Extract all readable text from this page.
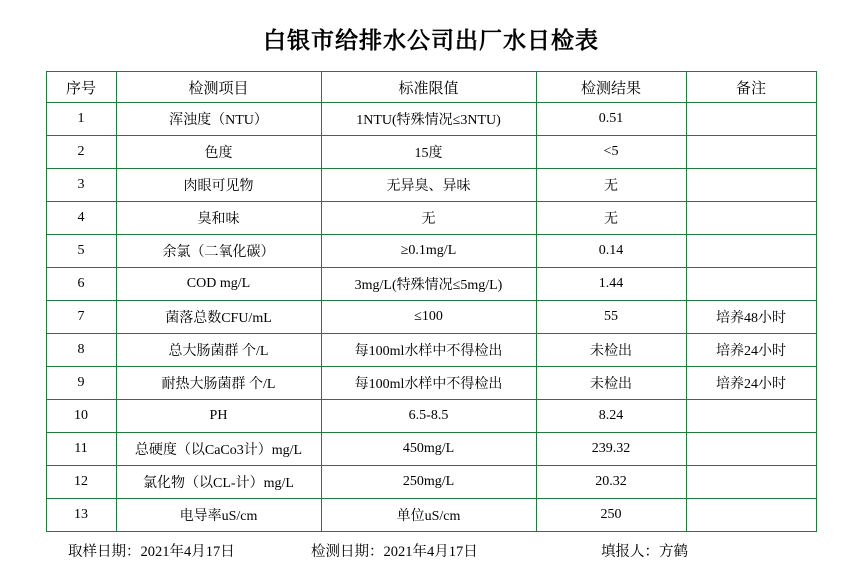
白银市给排水公司出厂水日检表
序号	检测项目	标准限值	检测结果	备注
1	浑浊度（NTU）	1NTU(特殊情况≤3NTU)	0.51	
2	色度	15度	<5	
3	肉眼可见物	无异臭、异味	无	
4	臭和味	无	无	
5	余氯（二氧化碳）	≥0.1mg/L	0.14	
6	COD mg/L	3mg/L(特殊情况≤5mg/L)	1.44	
7	菌落总数CFU/mL	≤100	55	培养48小时
8	总大肠菌群 个/L	每100ml水样中不得检出	未检出	培养24小时
9	耐热大肠菌群 个/L	每100ml水样中不得检出	未检出	培养24小时
10	PH	6.5-8.5	8.24	
11	总硬度（以CaCo3计）mg/L	450mg/L	239.32	
12	氯化物（以CL-计）mg/L	250mg/L	20.32	
13	电导率uS/cm	单位uS/cm	250	
取样日期：2021年4月17日	检测日期：2021年4月17日	填报人：方鹤
